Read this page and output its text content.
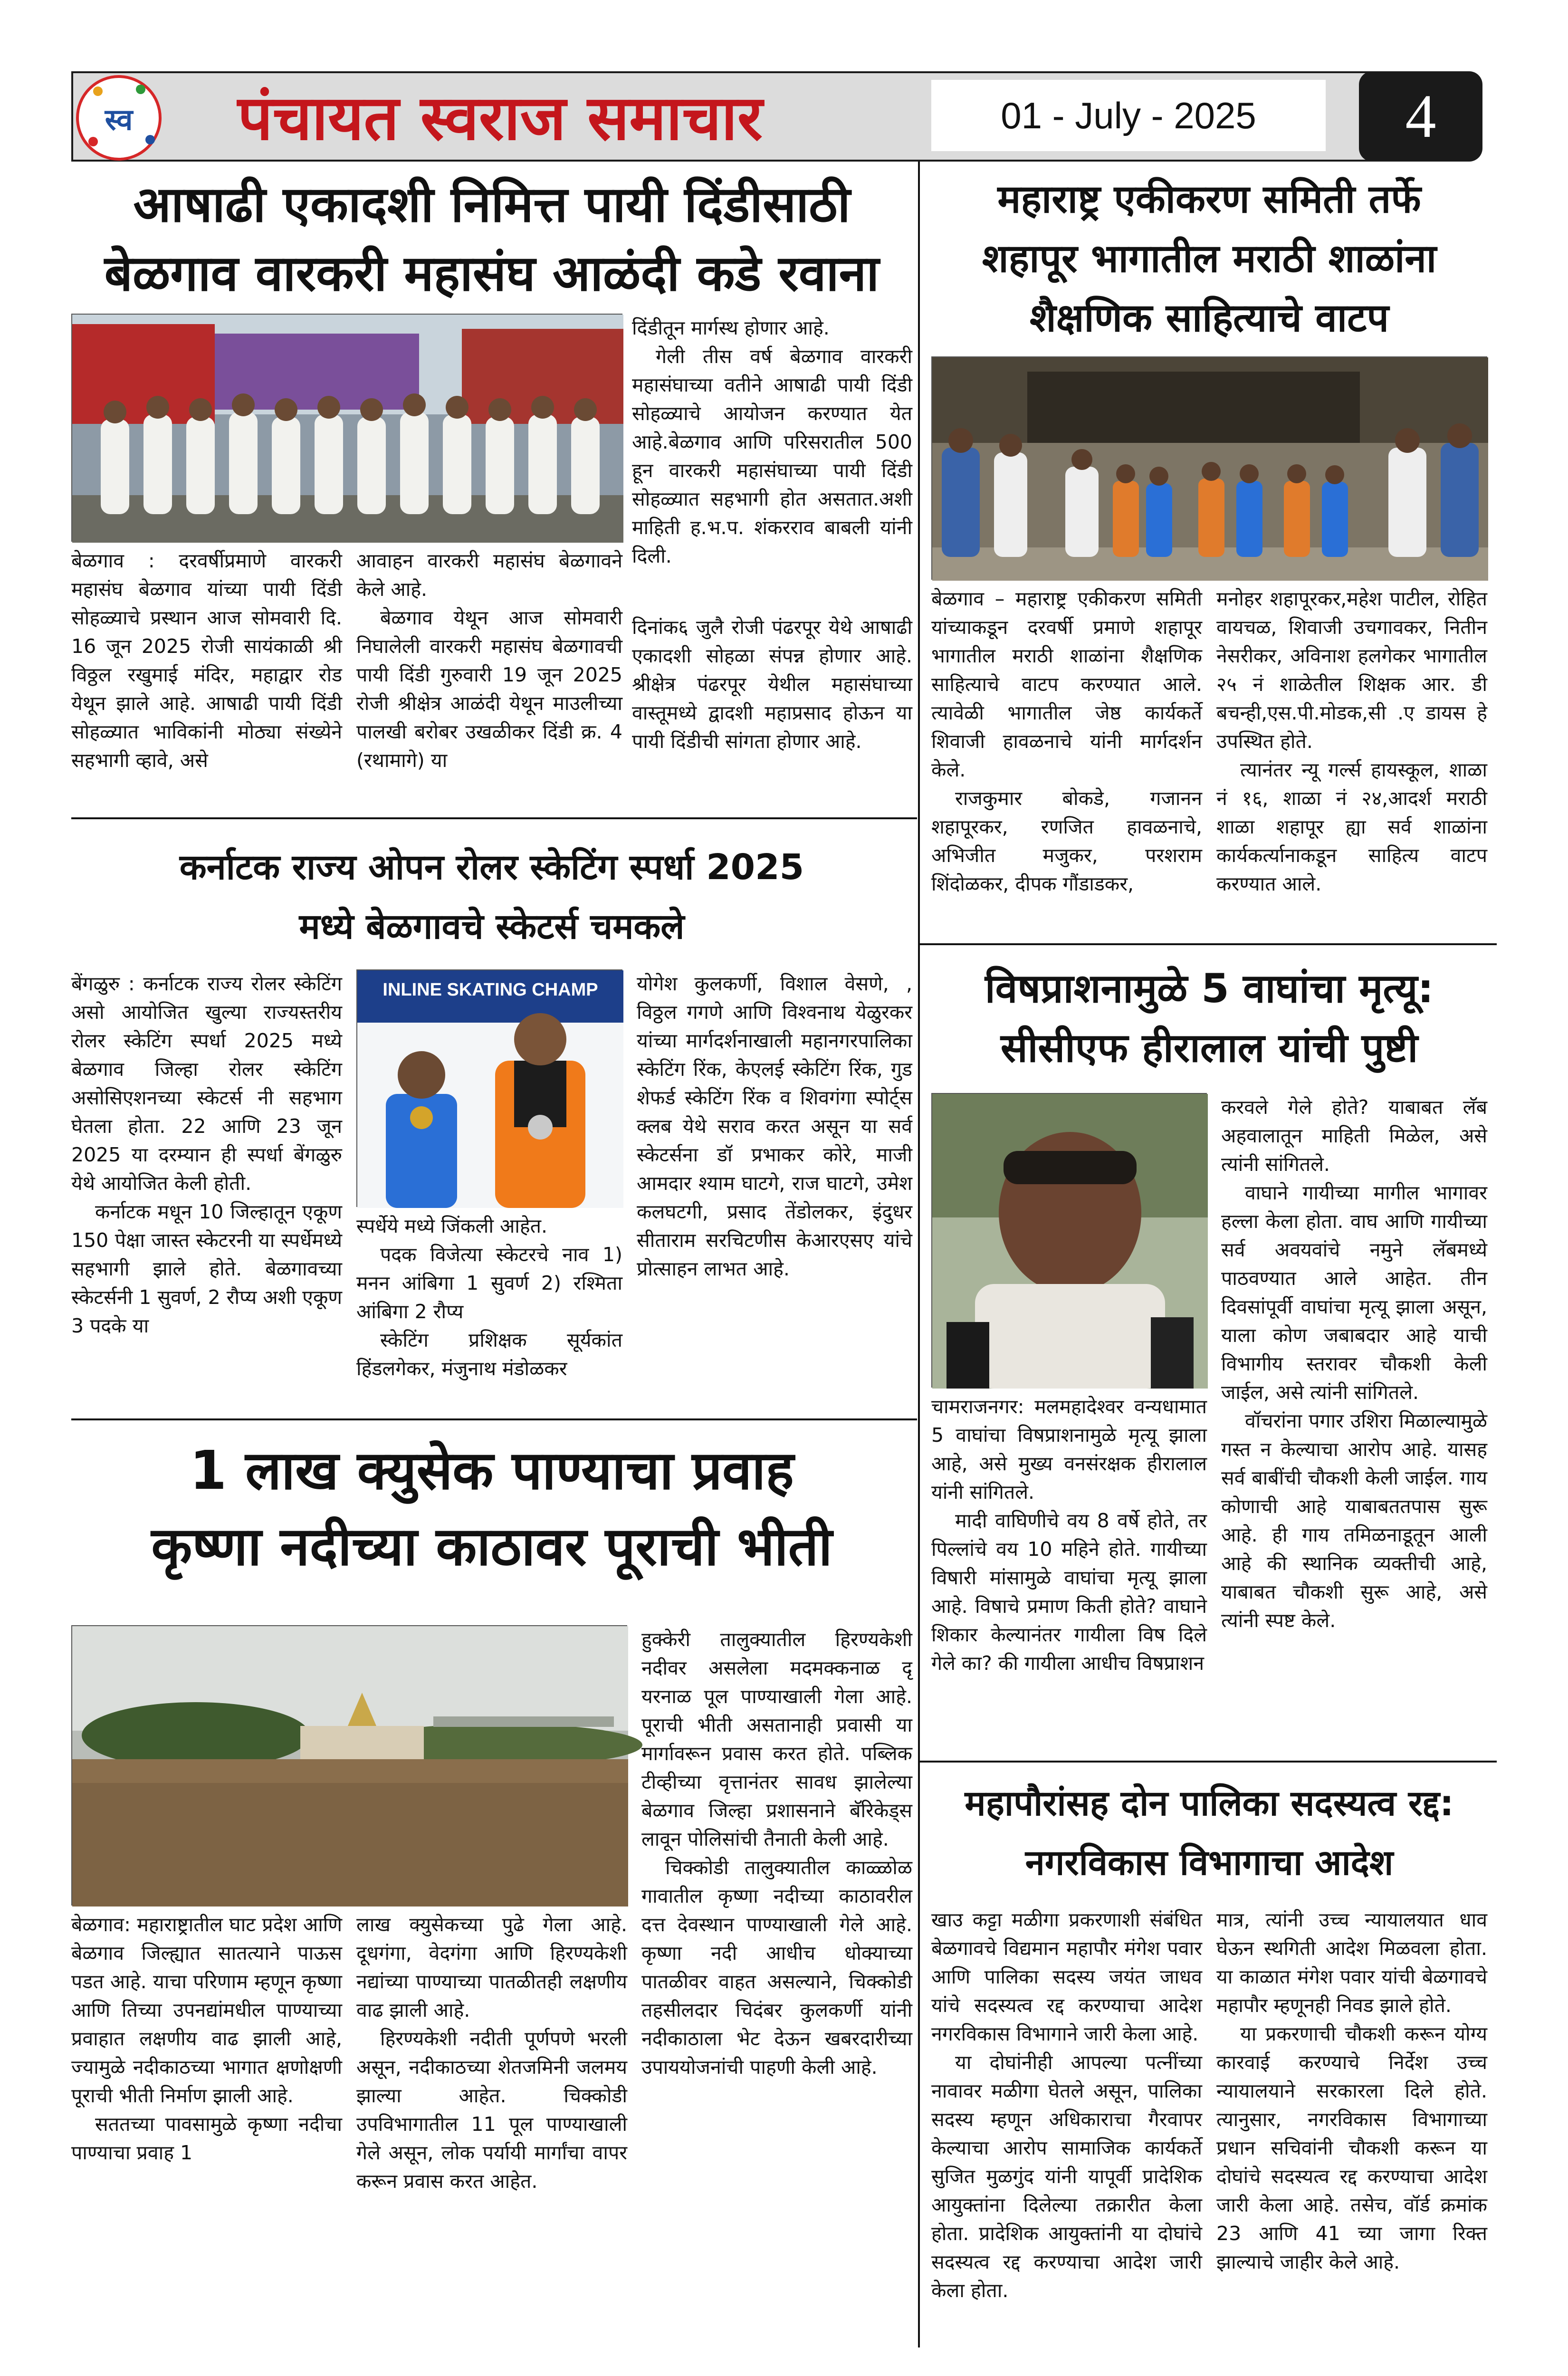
स्व	पंचायत स्वराज समाचार	01 - July - 2025	4
आषाढी एकादशी निमित्त पायी दिंडीसाठी
बेळगाव वारकरी महासंघ आळंदी कडे रवाना

दिंडीतून मार्गस्थ होणार आहे.

गेली तीस वर्ष बेळगाव वारकरी महासंघाच्या वतीने आषाढी पायी दिंडी सोहळ्याचे आयोजन करण्यात येत आहे.बेळगाव आणि परिसरातील 500 हून वारकरी महासंघाच्या पायी दिंडी सोहळ्यात सहभागी होत असतात.अशी माहिती ह.भ.प. शंकरराव बाबली यांनी दिली.

बेळगाव : दरवर्षीप्रमाणे वारकरी महासंघ बेळगाव यांच्या पायी दिंडी सोहळ्याचे प्रस्थान आज सोमवारी दि. 16 जून 2025 रोजी सायंकाळी श्री विठ्ठल रखुमाई मंदिर, महाद्वार रोड येथून झाले आहे. आषाढी पायी दिंडी सोहळ्यात भाविकांनी मोठ्या संख्येने सहभागी व्हावे, असे

आवाहन वारकरी महासंघ बेळगावने केले आहे.

बेळगाव येथून आज सोमवारी निघालेली वारकरी महासंघ बेळगावची पायी दिंडी गुरुवारी 19 जून 2025 रोजी श्रीक्षेत्र आळंदी येथून माउलीच्या पालखी बरोबर उखळीकर दिंडी क्र. 4 (रथामागे) या

दिनांक६ जुलै रोजी पंढरपूर येथे आषाढी एकादशी सोहळा संपन्न होणार आहे. श्रीक्षेत्र पंढरपूर येथील महासंघाच्या वास्तूमध्ये द्वादशी महाप्रसाद होऊन या पायी दिंडीची सांगता होणार आहे.

महाराष्ट्र एकीकरण समिती तर्फे
शहापूर भागातील मराठी शाळांना
शैक्षणिक साहित्याचे वाटप

बेळगाव – महाराष्ट्र एकीकरण समिती यांच्याकडून दरवर्षी प्रमाणे शहापूर भागातील मराठी शाळांना शैक्षणिक साहित्याचे वाटप करण्यात आले. त्यावेळी भागातील जेष्ठ कार्यकर्ते शिवाजी हावळनाचे यांनी मार्गदर्शन केले.

राजकुमार बोकडे, गजानन शहापूरकर, रणजित हावळनाचे, अभिजीत मजुकर, परशराम शिंदोळकर, दीपक गौंडाडकर,

मनोहर शहापूरकर,महेश पाटील, रोहित वायचळ, शिवाजी उचगावकर, नितीन नेसरीकर, अविनाश हलगेकर भागातील २५ नं शाळेतील शिक्षक आर. डी बचन्ही,एस.पी.मोडक,सी .ए डायस हे उपस्थित होते.

त्यानंतर न्यू गर्ल्स हायस्कूल, शाळा नं १६, शाळा नं २४,आदर्श मराठी शाळा शहापूर ह्या सर्व शाळांना कार्यकर्त्यानाकडून साहित्य वाटप करण्यात आले.

कर्नाटक राज्य ओपन रोलर स्केटिंग स्पर्धा 2025
मध्ये बेळगावचे स्केटर्स चमकले

बेंगळुरु : कर्नाटक राज्य रोलर स्केटिंग असो आयोजित खुल्या राज्यस्तरीय रोलर स्केटिंग स्पर्धा 2025 मध्ये बेळगाव जिल्हा रोलर स्केटिंग असोसिएशनच्या स्केटर्स नी सहभाग घेतला होता. 22 आणि 23 जून 2025 या दरम्यान ही स्पर्धा बेंगळुरु येथे आयोजित केली होती.

कर्नाटक मधून 10 जिल्हातून एकूण 150 पेक्षा जास्त स्केटरनी या स्पर्धेमध्ये सहभागी झाले होते. बेळगावच्या स्केटर्सनी 1 सुवर्ण, 2 रौप्य अशी एकूण 3 पदके या

INLINE SKATING CHAMP

स्पर्धेये मध्ये जिंकली आहेत.

पदक विजेत्या स्केटरचे नाव 1) मनन आंबिगा 1 सुवर्ण 2) रश्मिता आंबिगा 2 रौप्य

स्केटिंग प्रशिक्षक सूर्यकांत हिंडलगेकर, मंजुनाथ मंडोळकर

योगेश कुलकर्णी, विशाल वेसणे, , विठ्ठल गगणे आणि विश्वनाथ येळुरकर यांच्या मार्गदर्शनाखाली महानगरपालिका स्केटिंग रिंक, केएलई स्केटिंग रिंक, गुड शेफर्ड स्केटिंग रिंक व शिवगंगा स्पोर्ट्स क्लब येथे सराव करत असून या सर्व स्केटर्सना डॉ प्रभाकर कोरे, माजी आमदार श्याम घाटगे, राज घाटगे, उमेश कलघटगी, प्रसाद तेंडोलकर, इंदुधर सीताराम सरचिटणीस केआरएसए यांचे प्रोत्साहन लाभत आहे.

विषप्राशनामुळे 5 वाघांचा मृत्यू:
सीसीएफ हीरालाल यांची पुष्टी

चामराजनगर: मलमहादेश्वर वन्यधामात 5 वाघांचा विषप्राशनामुळे मृत्यू झाला आहे, असे मुख्य वनसंरक्षक हीरालाल यांनी सांगितले.

मादी वाघिणीचे वय 8 वर्षे होते, तर पिल्लांचे वय 10 महिने होते. गायीच्या विषारी मांसामुळे वाघांचा मृत्यू झाला आहे. विषाचे प्रमाण किती होते? वाघाने शिकार केल्यानंतर गायीला विष दिले गेले का? की गायीला आधीच विषप्राशन

करवले गेले होते? याबाबत लॅब अहवालातून माहिती मिळेल, असे त्यांनी सांगितले.

वाघाने गायीच्या मागील भागावर हल्ला केला होता. वाघ आणि गायीच्या सर्व अवयवांचे नमुने लॅबमध्ये पाठवण्यात आले आहेत. तीन दिवसांपूर्वी वाघांचा मृत्यू झाला असून, याला कोण जबाबदार आहे याची विभागीय स्तरावर चौकशी केली जाईल, असे त्यांनी सांगितले.

वॉचरांना पगार उशिरा मिळाल्यामुळे गस्त न केल्याचा आरोप आहे. यासह सर्व बाबींची चौकशी केली जाईल. गाय कोणाची आहे याबाबततपास सुरू आहे. ही गाय तमिळनाडूतून आली आहे की स्थानिक व्यक्तीची आहे, याबाबत चौकशी सुरू आहे, असे त्यांनी स्पष्ट केले.

1 लाख क्युसेक पाण्याचा प्रवाह
कृष्णा नदीच्या काठावर पूराची भीती

बेळगाव: महाराष्ट्रातील घाट प्रदेश आणि बेळगाव जिल्ह्यात सातत्याने पाऊस पडत आहे. याचा परिणाम म्हणून कृष्णा आणि तिच्या उपनद्यांमधील पाण्याच्या प्रवाहात लक्षणीय वाढ झाली आहे, ज्यामुळे नदीकाठच्या भागात क्षणोक्षणी पूराची भीती निर्माण झाली आहे.

सततच्या पावसामुळे कृष्णा नदीचा पाण्याचा प्रवाह 1

लाख क्युसेकच्या पुढे गेला आहे. दूधगंगा, वेदगंगा आणि हिरण्यकेशी नद्यांच्या पाण्याच्या पातळीतही लक्षणीय वाढ झाली आहे.

हिरण्यकेशी नदीती पूर्णपणे भरली असून, नदीकाठच्या शेतजमिनी जलमय झाल्या आहेत. चिक्कोडी उपविभागातील 11 पूल पाण्याखाली गेले असून, लोक पर्यायी मार्गांचा वापर करून प्रवास करत आहेत.

हुक्केरी तालुक्यातील हिरण्यकेशी नदीवर असलेला मदमक्कनाळ दृ यरनाळ पूल पाण्याखाली गेला आहे. पूराची भीती असतानाही प्रवासी या मार्गावरून प्रवास करत होते. पब्लिक टीव्हीच्या वृत्तानंतर सावध झालेल्या बेळगाव जिल्हा प्रशासनाने बॅरिकेड्स लावून पोलिसांची तैनाती केली आहे.

चिक्कोडी तालुक्यातील काळ्ळोळ गावातील कृष्णा नदीच्या काठावरील दत्त देवस्थान पाण्याखाली गेले आहे. कृष्णा नदी आधीच धोक्याच्या पातळीवर वाहत असल्याने, चिक्कोडी तहसीलदार चिदंबर कुलकर्णी यांनी नदीकाठाला भेट देऊन खबरदारीच्या उपाययोजनांची पाहणी केली आहे.

महापौरांसह दोन पालिका सदस्यत्व रद्द:
नगरविकास विभागाचा आदेश

खाउ कट्टा मळीगा प्रकरणाशी संबंधित बेळगावचे विद्यमान महापौर मंगेश पवार आणि पालिका सदस्य जयंत जाधव यांचे सदस्यत्व रद्द करण्याचा आदेश नगरविकास विभागाने जारी केला आहे.

या दोघांनीही आपल्या पत्नींच्या नावावर मळीगा घेतले असून, पालिका सदस्य म्हणून अधिकाराचा गैरवापर केल्याचा आरोप सामाजिक कार्यकर्ते सुजित मुळगुंद यांनी यापूर्वी प्रादेशिक आयुक्तांना दिलेल्या तक्रारीत केला होता. प्रादेशिक आयुक्तांनी या दोघांचे सदस्यत्व रद्द करण्याचा आदेश जारी केला होता.

मात्र, त्यांनी उच्च न्यायालयात धाव घेऊन स्थगिती आदेश मिळवला होता. या काळात मंगेश पवार यांची बेळगावचे महापौर म्हणूनही निवड झाले होते.

या प्रकरणाची चौकशी करून योग्य कारवाई करण्याचे निर्देश उच्च न्यायालयाने सरकारला दिले होते. त्यानुसार, नगरविकास विभागाच्या प्रधान सचिवांनी चौकशी करून या दोघांचे सदस्यत्व रद्द करण्याचा आदेश जारी केला आहे. तसेच, वॉर्ड क्रमांक 23 आणि 41 च्या जागा रिक्त झाल्याचे जाहीर केले आहे.
